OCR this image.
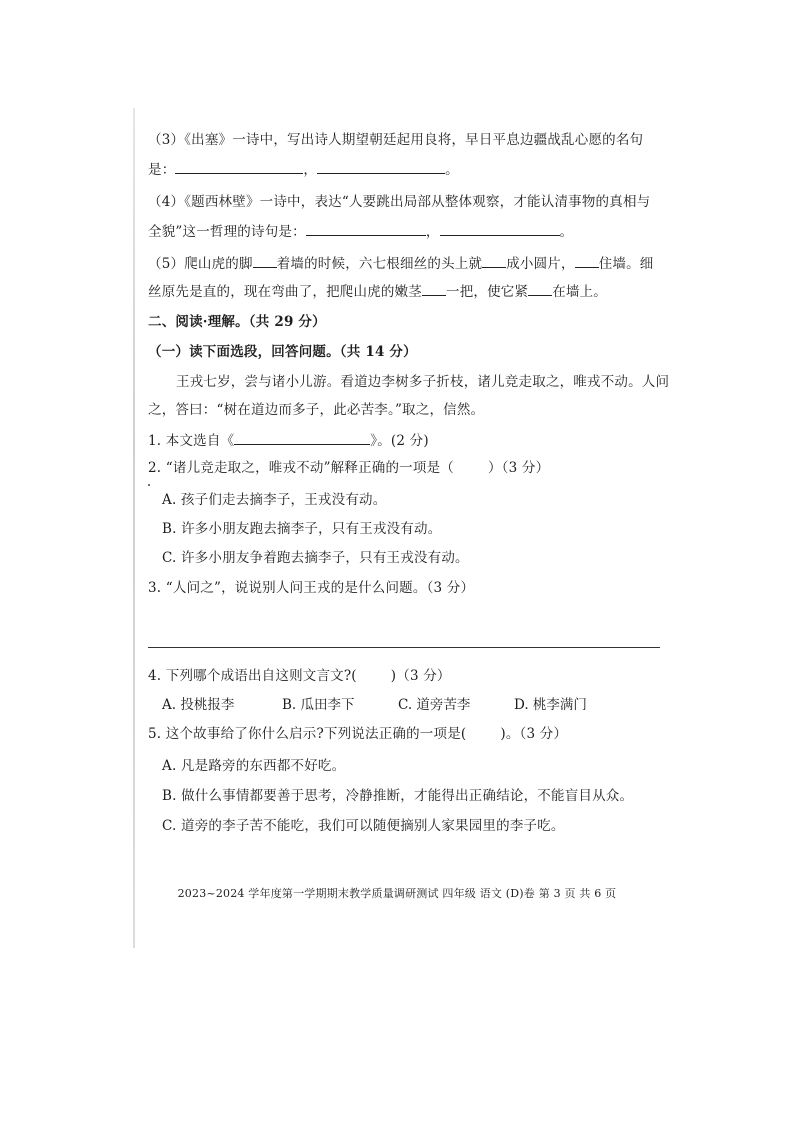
（3）《出塞》一诗中，写出诗人期望朝廷起用良将，早日平息边疆战乱心愿的名句
是：	，	。
（4）《题西林壁》一诗中，表达“人要跳出局部从整体观察，才能认清事物的真相与
全貌”这一哲理的诗句是：	，	。
（5）爬山虎的脚 着墙的时候，六七根细丝的头上就 成小圆片， 住墙。细
丝原先是直的，现在弯曲了，把爬山虎的嫩茎 一把，使它紧 在墙上。
二、阅读·理解。（共 29 分）
（一）读下面选段，回答问题。（共 14 分）
王戎七岁，尝与诸小儿游。看道边李树多子折枝，诸儿竞走取之，唯戎不动。人问
之，答曰：“树在道边而多子，此必苦李。”取之，信然。
1. 本文选自《	》。(2 分)
2. “诸儿竞走取之，唯戎不动”解释正确的一项是（	）（3 分）
A. 孩子们走去摘李子，王戎没有动。
B. 许多小朋友跑去摘李子，只有王戎没有动。
C. 许多小朋友争着跑去摘李子，只有王戎没有动。
3. “人问之”，说说别人问王戎的是什么问题。（3 分）
4. 下列哪个成语出自这则文言文?(	)（3 分）
A. 投桃报李	B. 瓜田李下	C. 道旁苦李	D. 桃李满门
5. 这个故事给了你什么启示?下列说法正确的一项是(	)。（3 分）
A. 凡是路旁的东西都不好吃。
B. 做什么事情都要善于思考，冷静推断，才能得出正确结论，不能盲目从众。
C. 道旁的李子苦不能吃，我们可以随便摘别人家果园里的李子吃。
2023~2024 学年度第一学期期末教学质量调研测试 四年级 语文 (D)卷 第 3 页 共 6 页
